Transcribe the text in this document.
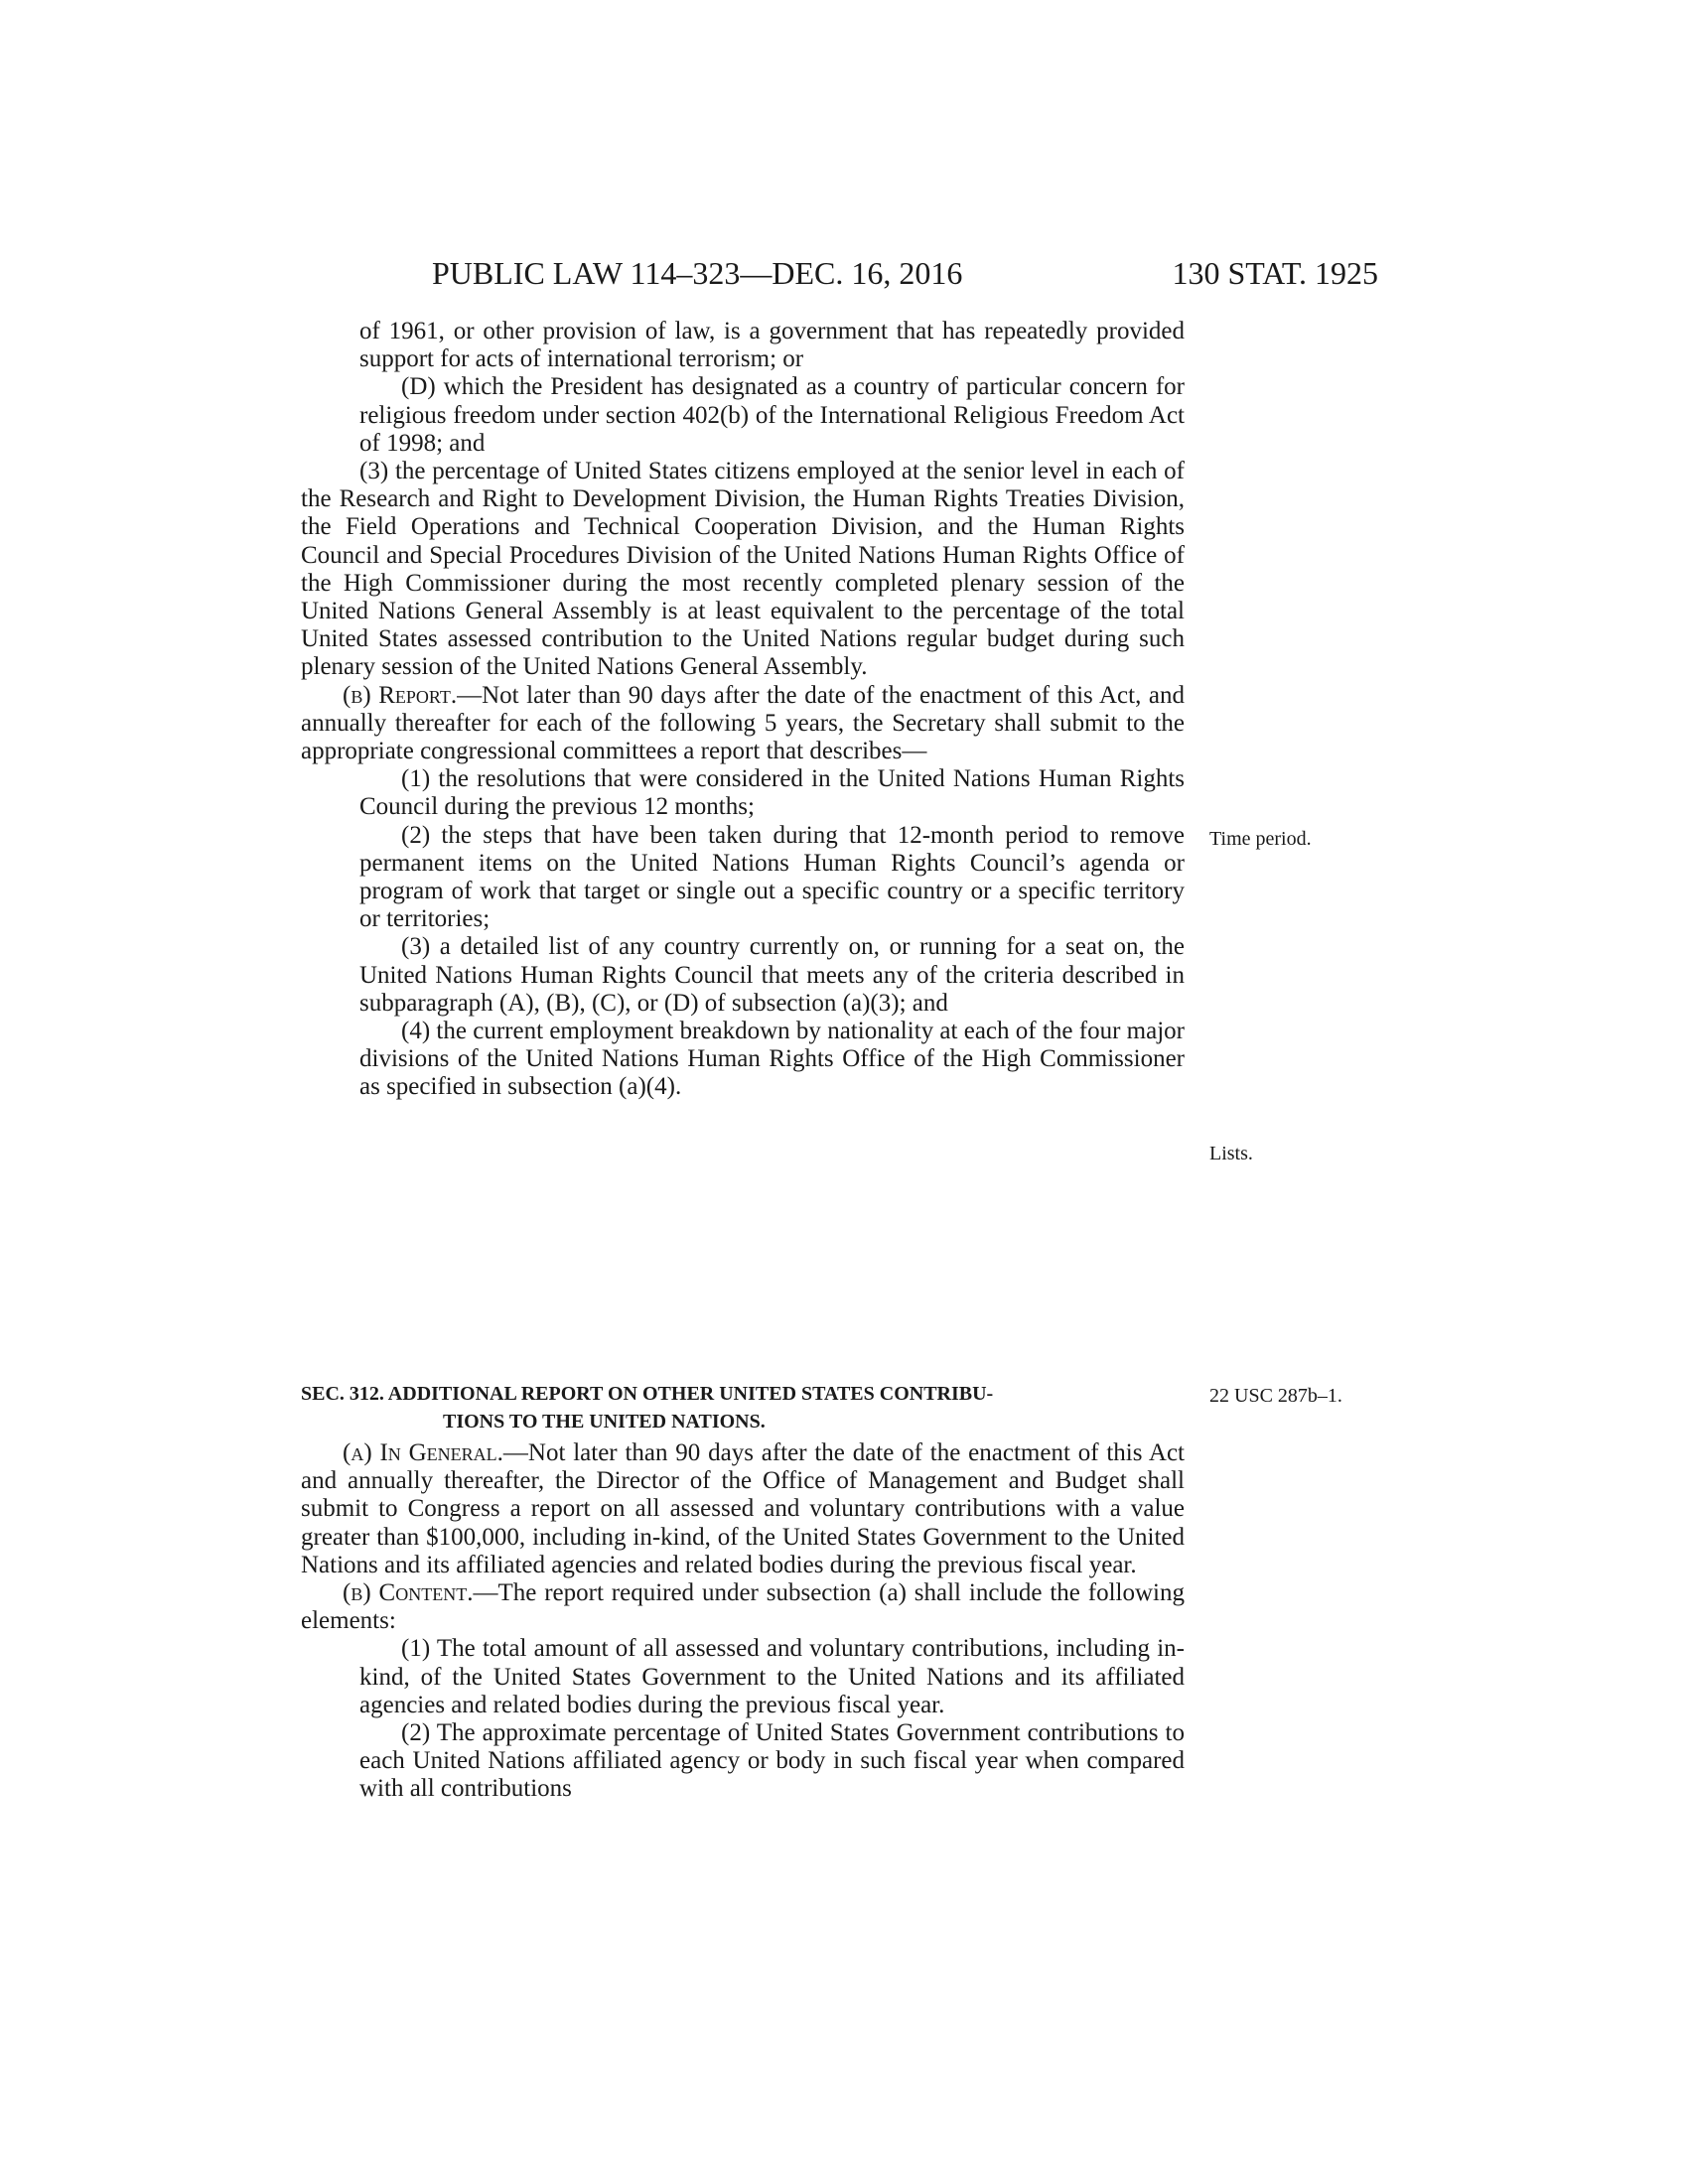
PUBLIC LAW 114–323—DEC. 16, 2016	130 STAT. 1925

of 1961, or other provision of law, is a government that has repeatedly provided support for acts of international terrorism; or

(D) which the President has designated as a country of particular concern for religious freedom under section 402(b) of the International Religious Freedom Act of 1998; and

(3) the percentage of United States citizens employed at the senior level in each of the Research and Right to Development Division, the Human Rights Treaties Division, the Field Operations and Technical Cooperation Division, and the Human Rights Council and Special Procedures Division of the United Nations Human Rights Office of the High Commissioner during the most recently completed plenary session of the United Nations General Assembly is at least equivalent to the percentage of the total United States assessed contribution to the United Nations regular budget during such plenary session of the United Nations General Assembly.

(b) Report.—Not later than 90 days after the date of the enactment of this Act, and annually thereafter for each of the following 5 years, the Secretary shall submit to the appropriate congressional committees a report that describes—

(1) the resolutions that were considered in the United Nations Human Rights Council during the previous 12 months;

(2) the steps that have been taken during that 12-month period to remove permanent items on the United Nations Human Rights Council’s agenda or program of work that target or single out a specific country or a specific territory or territories;

(3) a detailed list of any country currently on, or running for a seat on, the United Nations Human Rights Council that meets any of the criteria described in subparagraph (A), (B), (C), or (D) of subsection (a)(3); and

(4) the current employment breakdown by nationality at each of the four major divisions of the United Nations Human Rights Office of the High Commissioner as specified in subsection (a)(4).

SEC. 312. ADDITIONAL REPORT ON OTHER UNITED STATES CONTRIBU-
TIONS TO THE UNITED NATIONS.

(a) In General.—Not later than 90 days after the date of the enactment of this Act and annually thereafter, the Director of the Office of Management and Budget shall submit to Congress a report on all assessed and voluntary contributions with a value greater than $100,000, including in-kind, of the United States Government to the United Nations and its affiliated agencies and related bodies during the previous fiscal year.

(b) Content.—The report required under subsection (a) shall include the following elements:

(1) The total amount of all assessed and voluntary contributions, including in-kind, of the United States Government to the United Nations and its affiliated agencies and related bodies during the previous fiscal year.

(2) The approximate percentage of United States Government contributions to each United Nations affiliated agency or body in such fiscal year when compared with all contributions

Time period.
Lists.
22 USC 287b–1.
